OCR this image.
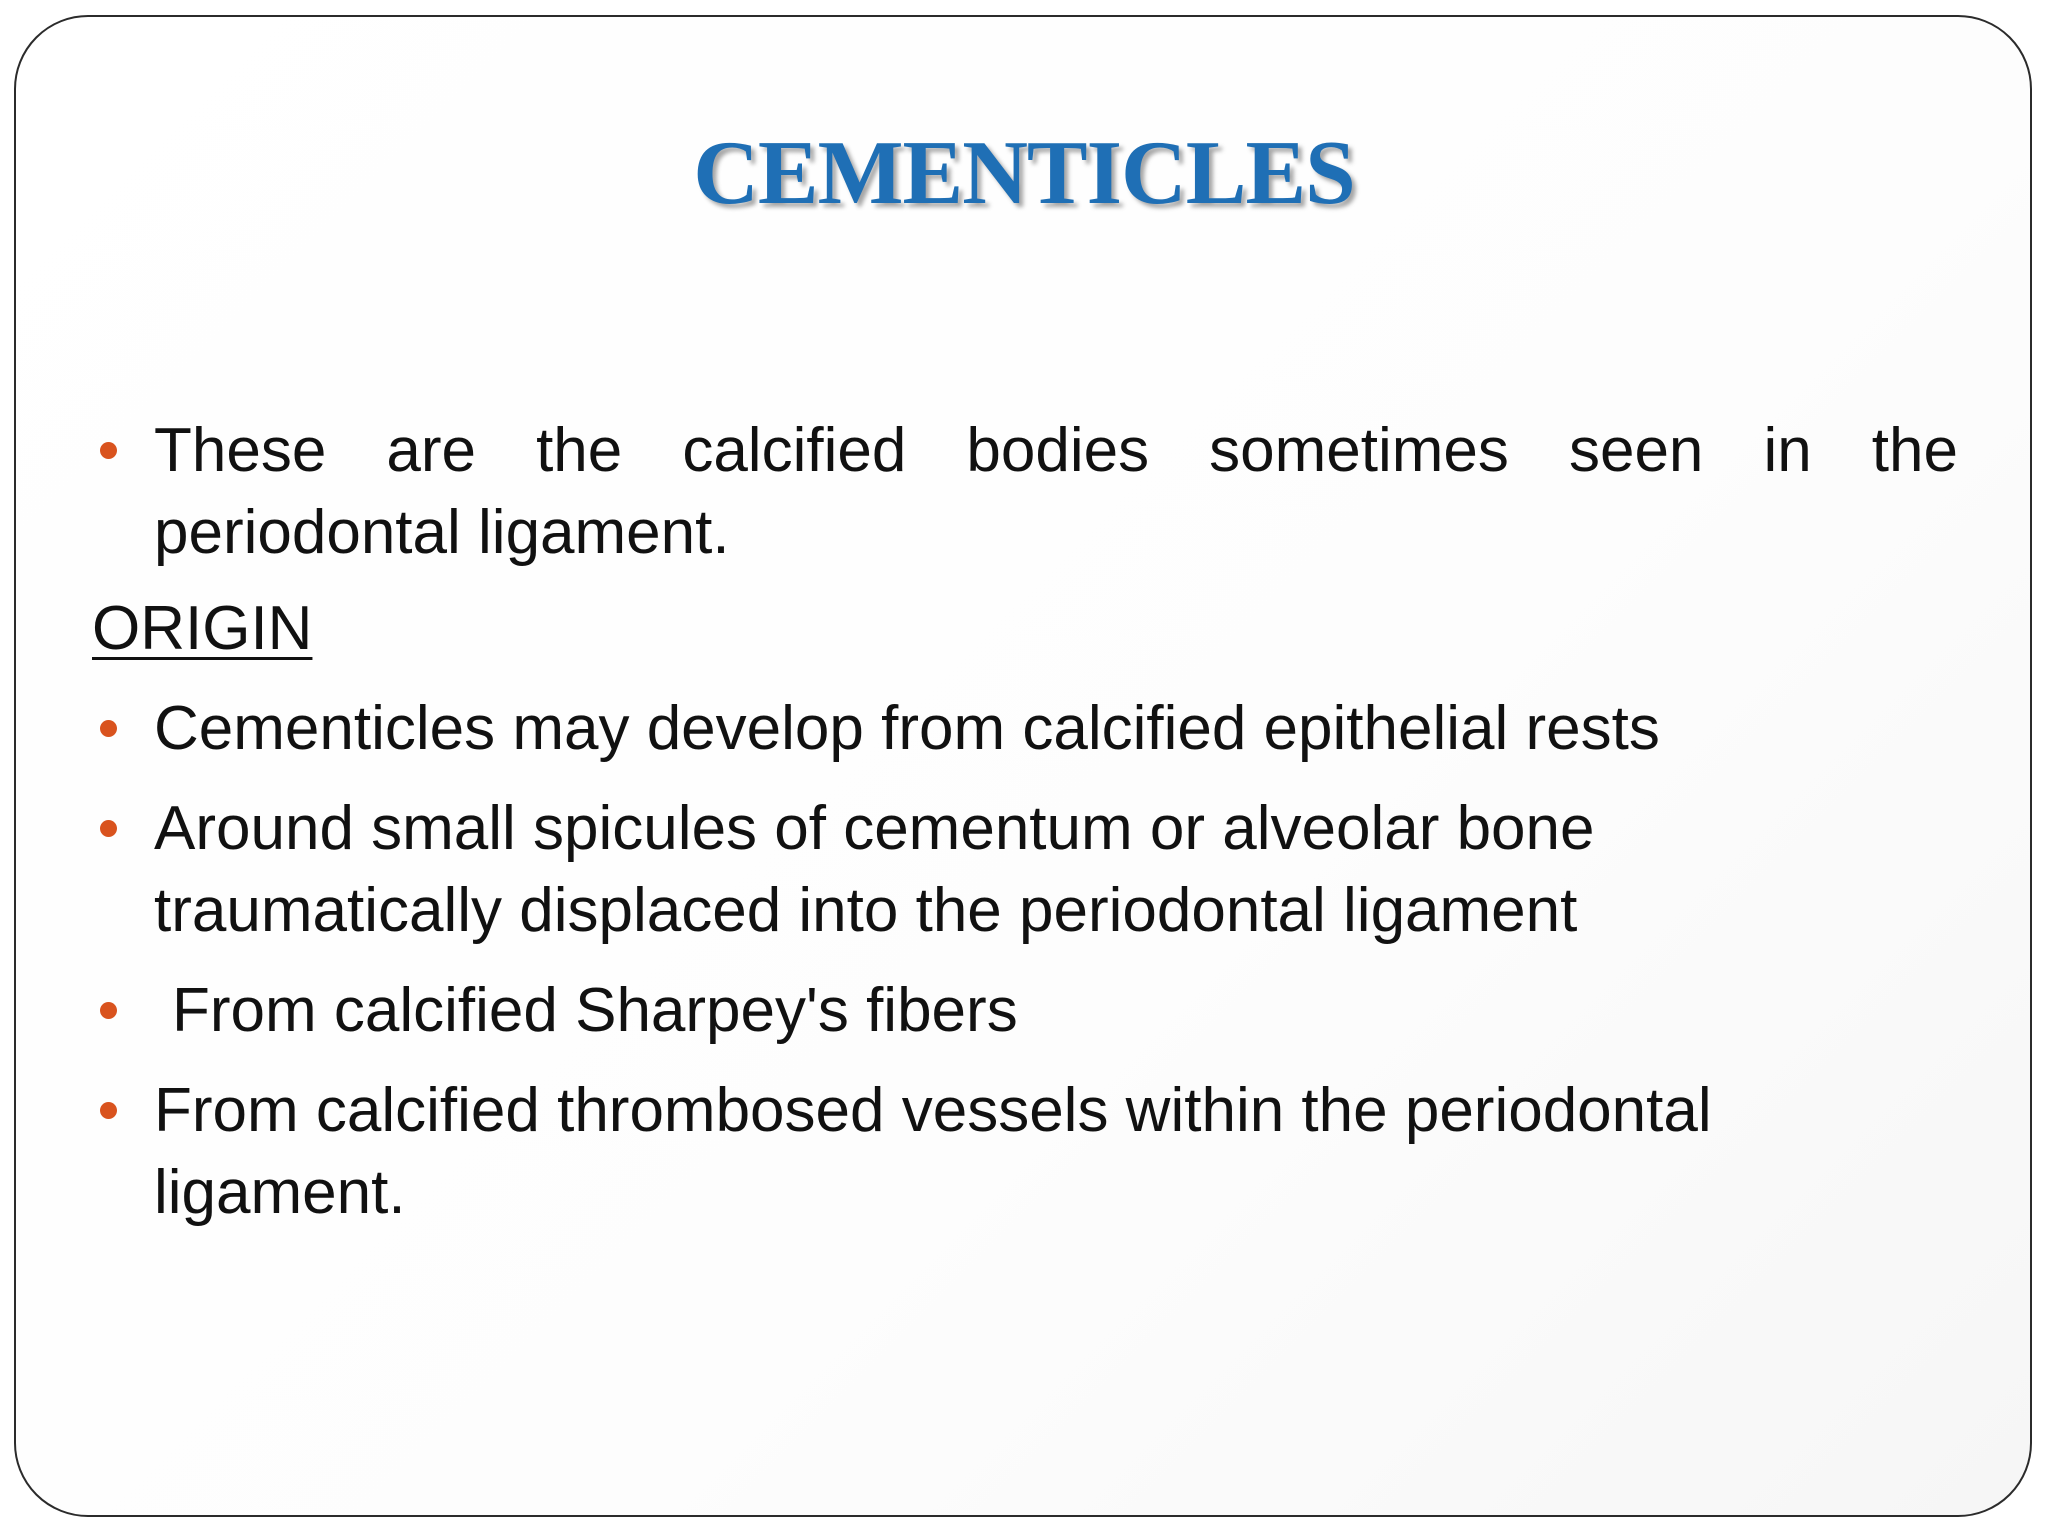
CEMENTICLES
These are the calcified bodies sometimes seen in the
periodontal ligament.
ORIGIN
Cementicles may develop from calcified epithelial rests
Around small spicules of cementum or alveolar bone traumatically displaced into the periodontal ligament
From calcified Sharpey's fibers
From calcified thrombosed vessels within the periodontal ligament.
